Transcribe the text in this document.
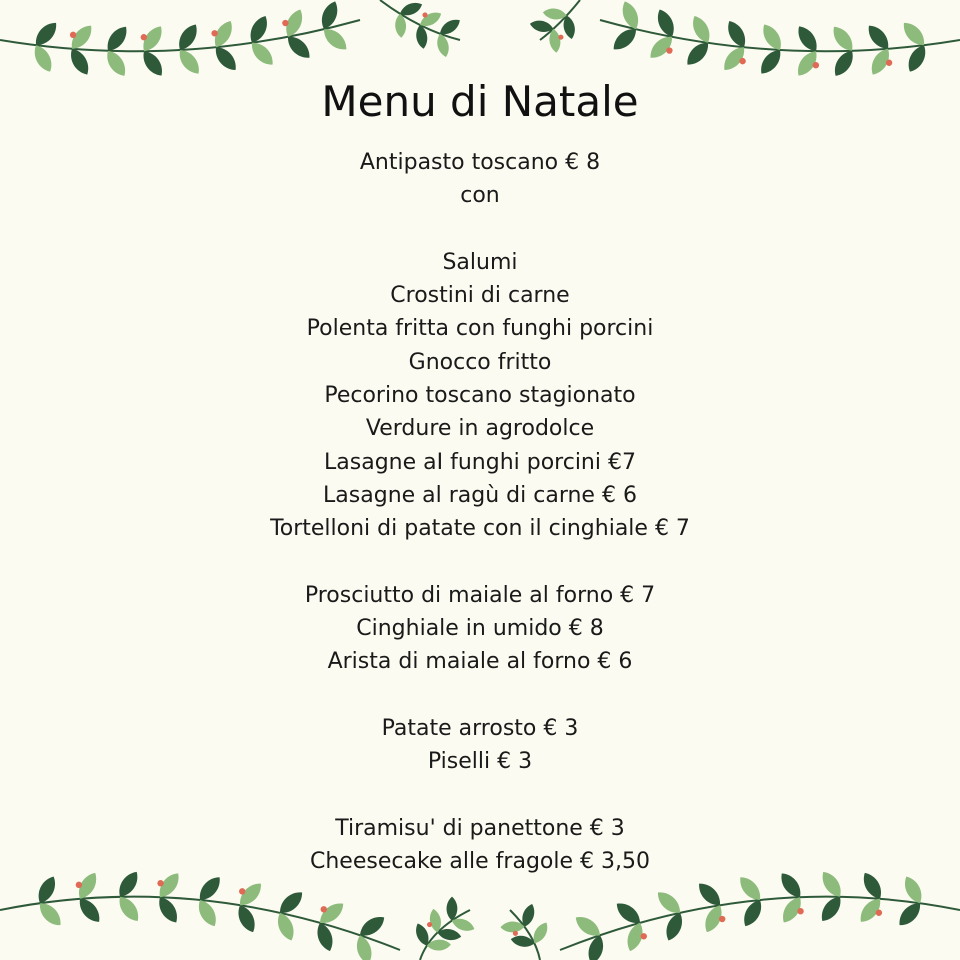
Menu di Natale
Antipasto toscano € 8
con
Salumi
Crostini di carne
Polenta fritta con funghi porcini
Gnocco fritto
Pecorino toscano stagionato
Verdure in agrodolce
Lasagne aI funghi porcini €7
Lasagne al ragù di carne € 6
Tortelloni di patate con il cinghiale € 7
Prosciutto di maiale al forno € 7
Cinghiale in umido € 8
Arista di maiale al forno € 6
Patate arrosto € 3
Piselli € 3
Tiramisu' di panettone € 3
Cheesecake alle fragole € 3,50
